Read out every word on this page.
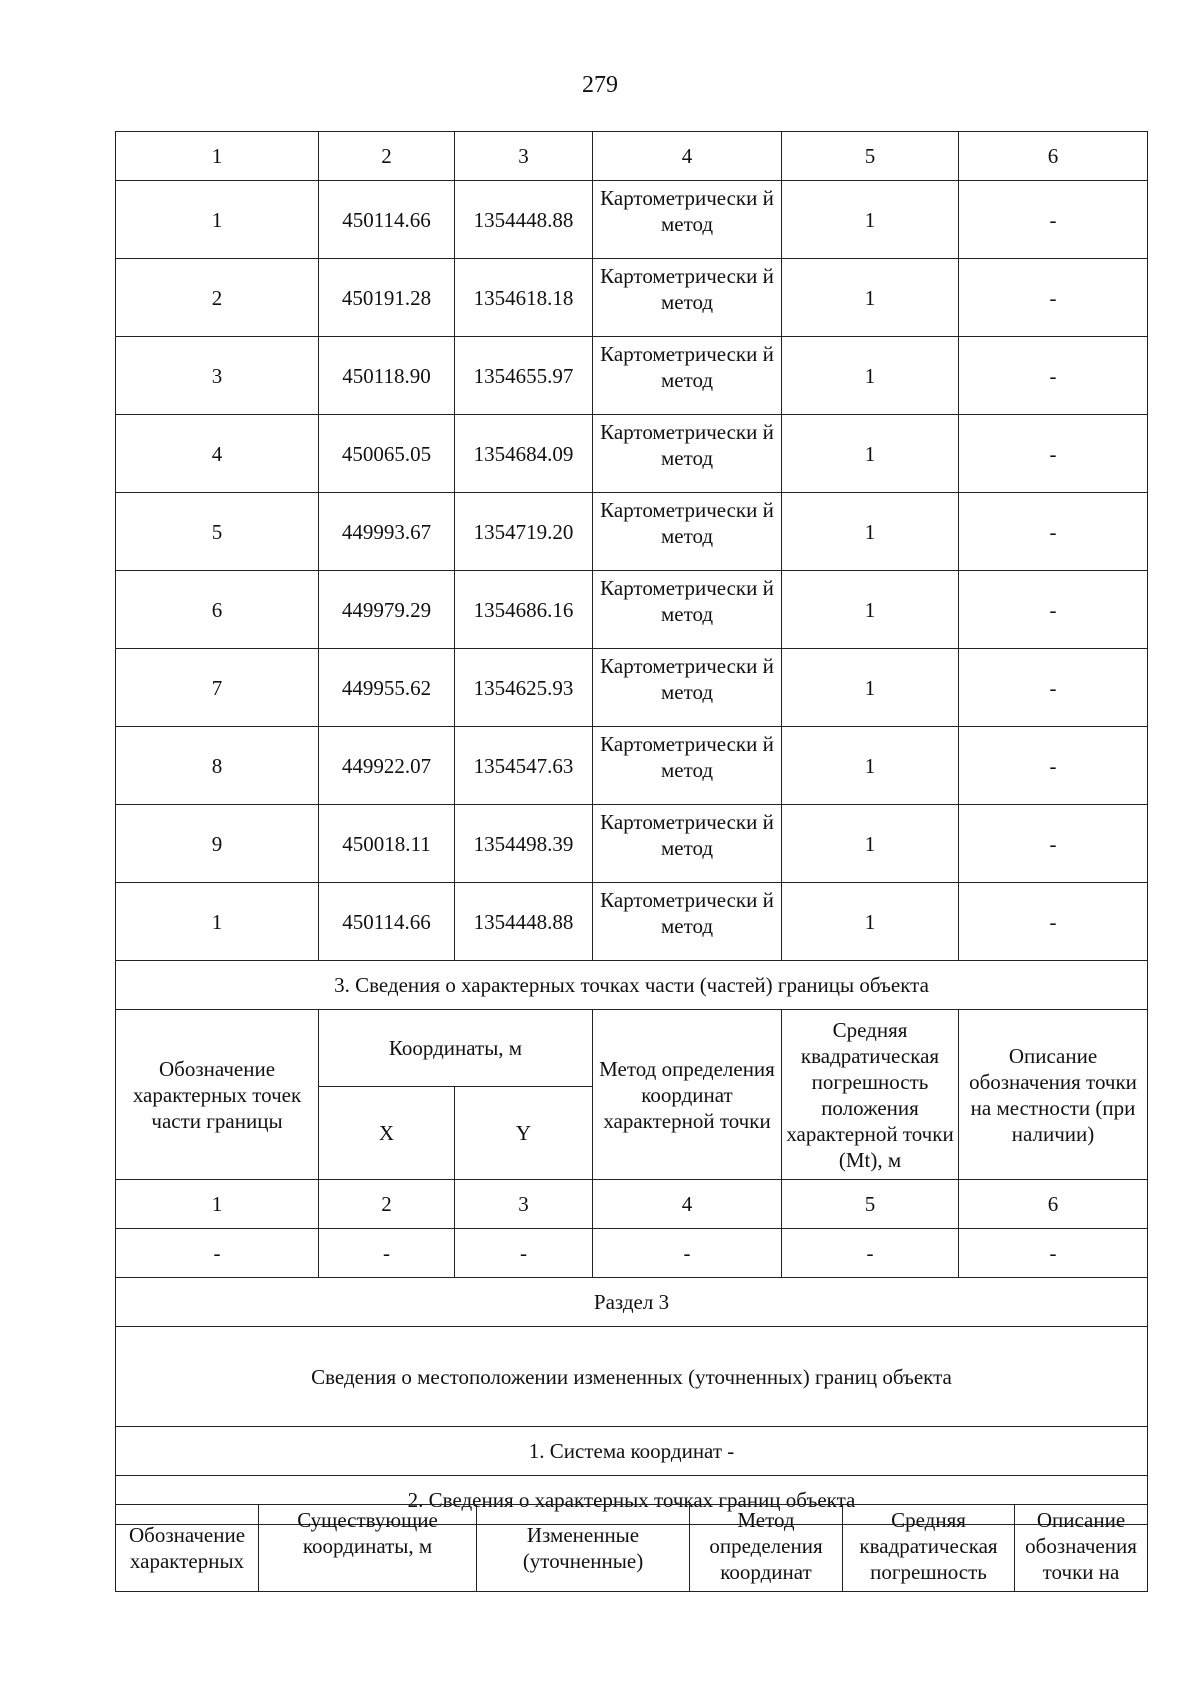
279
1	2	3	4	5	6
1	450114.66	1354448.88	Картометрически й метод	1	-
2	450191.28	1354618.18	Картометрически й метод	1	-
3	450118.90	1354655.97	Картометрически й метод	1	-
4	450065.05	1354684.09	Картометрически й метод	1	-
5	449993.67	1354719.20	Картометрически й метод	1	-
6	449979.29	1354686.16	Картометрически й метод	1	-
7	449955.62	1354625.93	Картометрически й метод	1	-
8	449922.07	1354547.63	Картометрически й метод	1	-
9	450018.11	1354498.39	Картометрически й метод	1	-
1	450114.66	1354448.88	Картометрически й метод	1	-
3. Сведения о характерных точках части (частей) границы объекта					
Обозначение характерных точек части границы	Координаты, м		Метод определения координат характерной точки	Средняя квадратическая погрешность положения характерной точки (Mt), м	Описание обозначения точки на местности (при наличии)
	X	Y			
1	2	3	4	5	6
-	-	-	-	-	-
Раздел 3					
Сведения о местоположении измененных (уточненных) границ объекта					
1. Система координат -					
2. Сведения о характерных точках границ объекта					
Обозначение характерных	Существующие координаты, м	Измененные (уточненные)	Метод определения координат	Средняя квадратическая погрешность	Описание обозначения точки на
